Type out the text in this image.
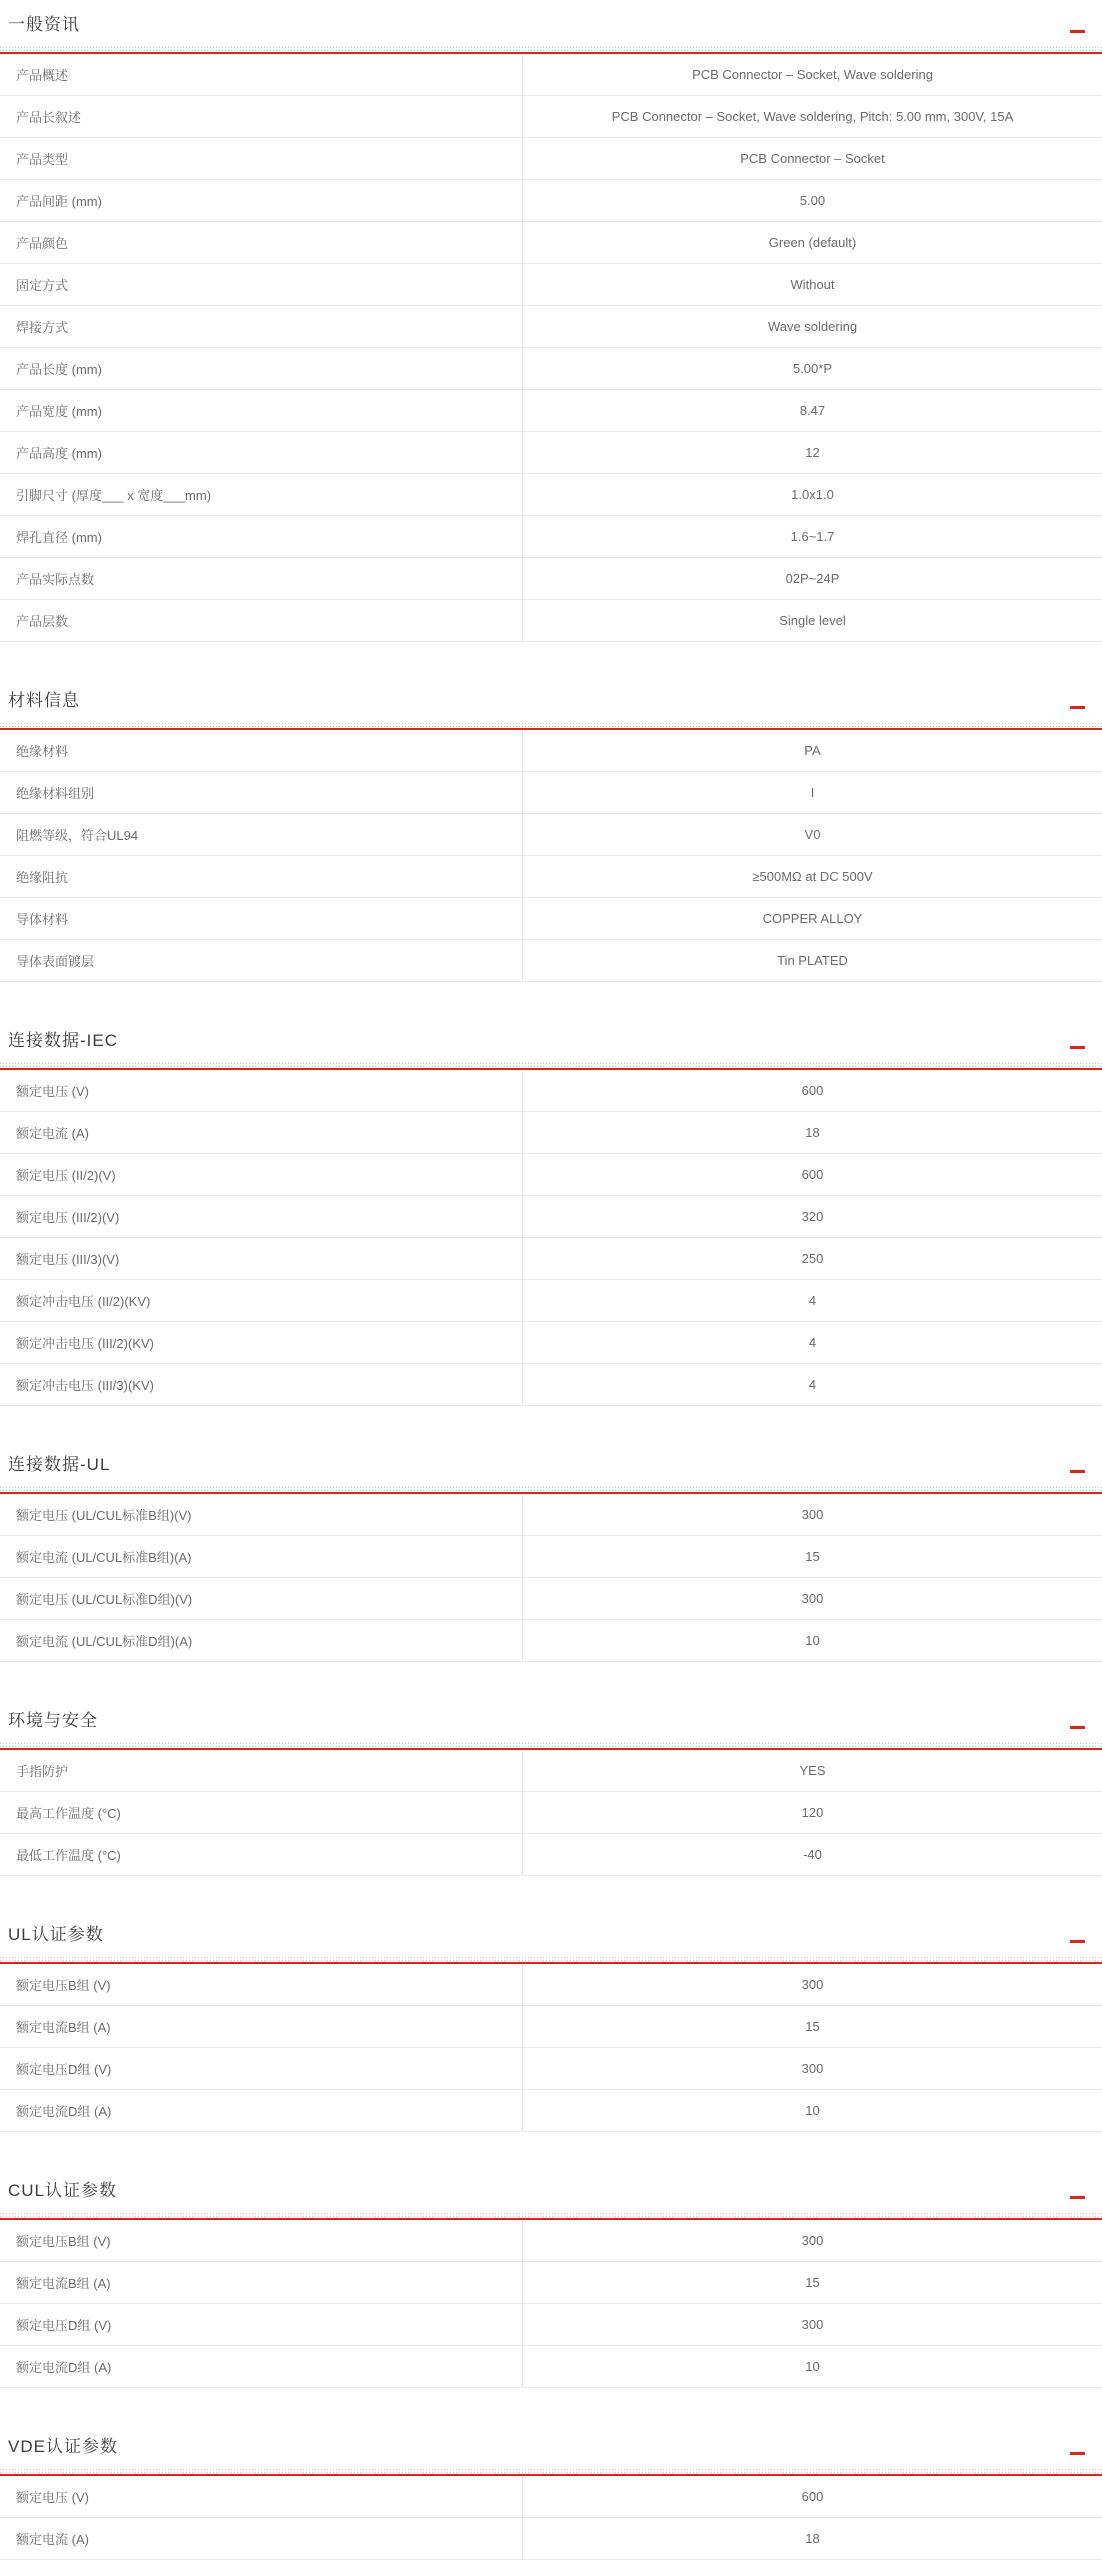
一般资讯
产品概述	PCB Connector – Socket, Wave soldering
产品长叙述	PCB Connector – Socket, Wave soldering, Pitch: 5.00 mm, 300V, 15A
产品类型	PCB Connector – Socket
产品间距 (mm)	5.00
产品颜色	Green (default)
固定方式	Without
焊接方式	Wave soldering
产品长度 (mm)	5.00*P
产品宽度 (mm)	8.47
产品高度 (mm)	12
引脚尺寸 (厚度___ x 宽度___mm)	1.0x1.0
焊孔直径 (mm)	1.6~1.7
产品实际点数	02P~24P
产品层数	Single level
材料信息
绝缘材料	PA
绝缘材料组别	I
阻燃等级，符合UL94	V0
绝缘阻抗	≥500MΩ at DC 500V
导体材料	COPPER ALLOY
导体表面镀层	Tin PLATED
连接数据-IEC
额定电压 (V)	600
额定电流 (A)	18
额定电压 (II/2)(V)	600
额定电压 (III/2)(V)	320
额定电压 (III/3)(V)	250
额定冲击电压 (II/2)(KV)	4
额定冲击电压 (III/2)(KV)	4
额定冲击电压 (III/3)(KV)	4
连接数据-UL
额定电压 (UL/CUL标准B组)(V)	300
额定电流 (UL/CUL标准B组)(A)	15
额定电压 (UL/CUL标准D组)(V)	300
额定电流 (UL/CUL标准D组)(A)	10
环境与安全
手指防护	YES
最高工作温度 (°C)	120
最低工作温度 (°C)	-40
UL认证参数
额定电压B组 (V)	300
额定电流B组 (A)	15
额定电压D组 (V)	300
额定电流D组 (A)	10
CUL认证参数
额定电压B组 (V)	300
额定电流B组 (A)	15
额定电压D组 (V)	300
额定电流D组 (A)	10
VDE认证参数
额定电压 (V)	600
额定电流 (A)	18
